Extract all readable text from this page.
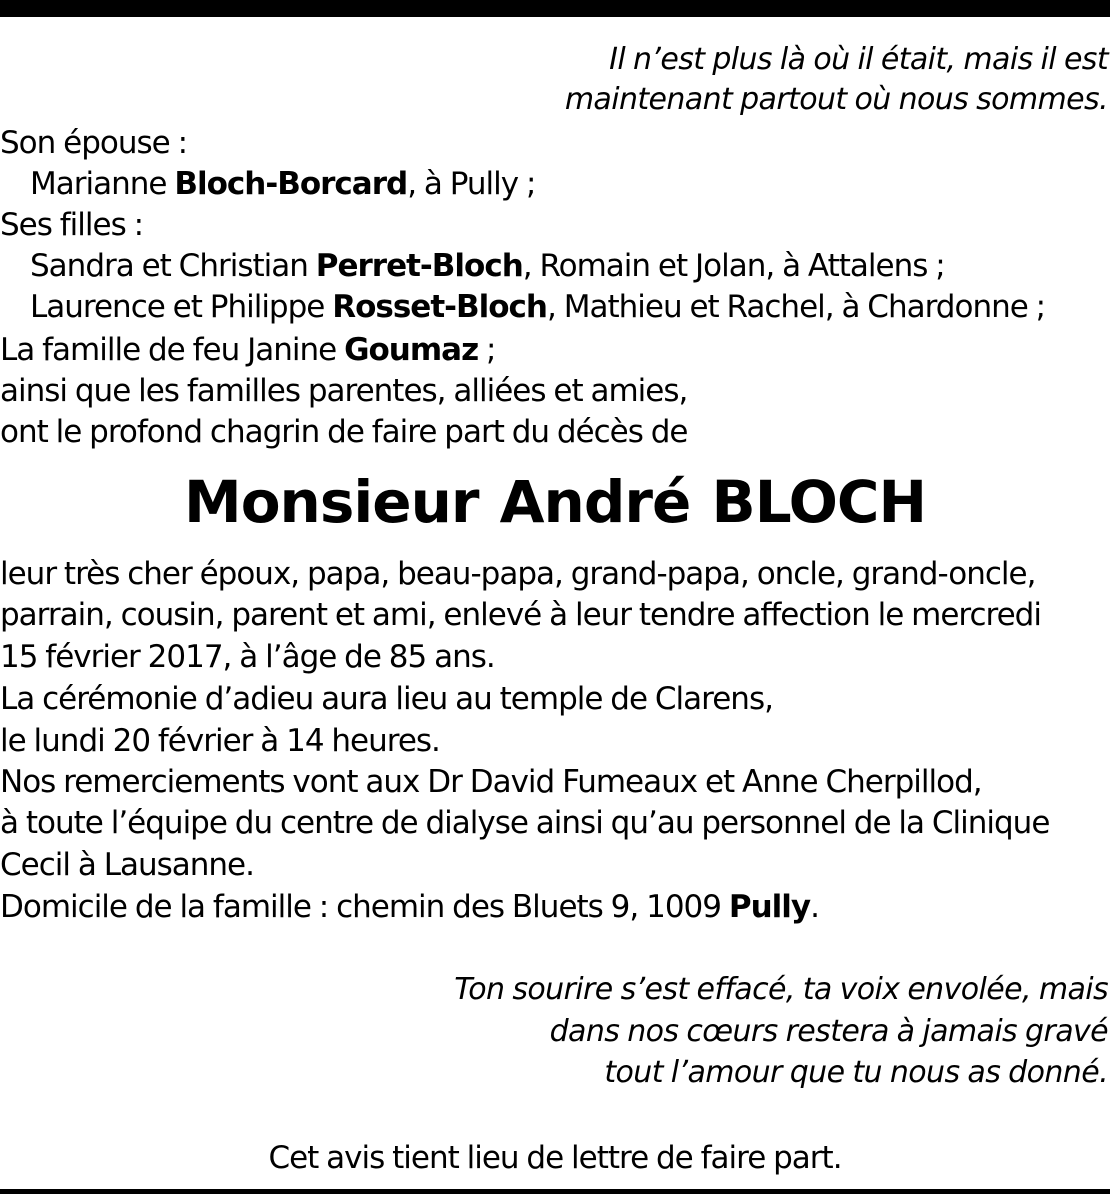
Il n’est plus là où il était, mais il est
maintenant partout où nous sommes.
Son épouse :
Marianne Bloch-Borcard, à Pully ;
Ses filles :
Sandra et Christian Perret-Bloch, Romain et Jolan, à Attalens ;
Laurence et Philippe Rosset-Bloch, Mathieu et Rachel, à Chardonne ;
La famille de feu Janine Goumaz ;
ainsi que les familles parentes, alliées et amies,
ont le profond chagrin de faire part du décès de
Monsieur André BLOCH
leur très cher époux, papa, beau-papa, grand-papa, oncle, grand-oncle,
parrain, cousin, parent et ami, enlevé à leur tendre affection le mercredi
15 février 2017, à l’âge de 85 ans.
La cérémonie d’adieu aura lieu au temple de Clarens,
le lundi 20 février à 14 heures.
Nos remerciements vont aux Dr David Fumeaux et Anne Cherpillod,
à toute l’équipe du centre de dialyse ainsi qu’au personnel de la Clinique
Cecil à Lausanne.
Domicile de la famille : chemin des Bluets 9, 1009 Pully.
Ton sourire s’est effacé, ta voix envolée, mais
dans nos cœurs restera à jamais gravé
tout l’amour que tu nous as donné.
Cet avis tient lieu de lettre de faire part.
